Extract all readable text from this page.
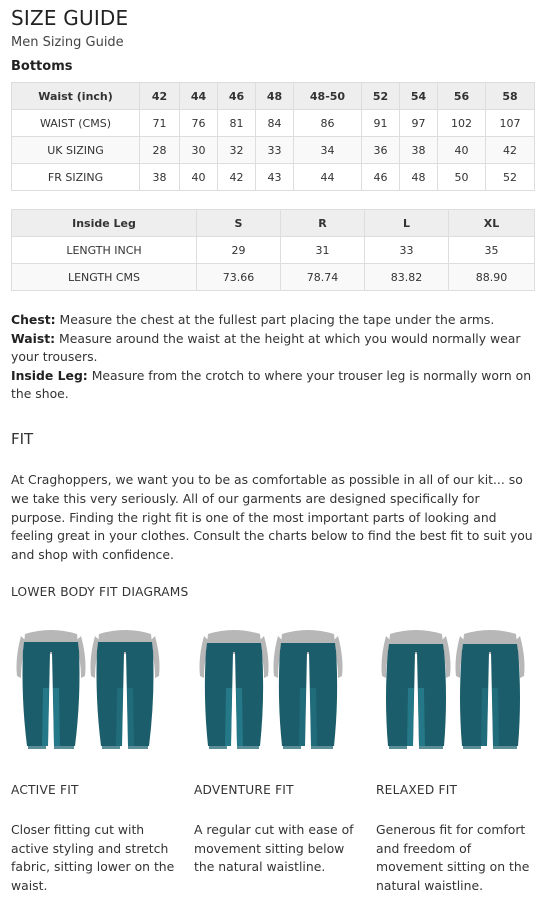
SIZE GUIDE
Men Sizing Guide
Bottoms
Waist (inch)	42	44	46	48	48-50	52	54	56	58
WAIST (CMS)	71	76	81	84	86	91	97	102	107
UK SIZING	28	30	32	33	34	36	38	40	42
FR SIZING	38	40	42	43	44	46	48	50	52
Inside Leg	S	R	L	XL
LENGTH INCH	29	31	33	35
LENGTH CMS	73.66	78.74	83.82	88.90

Chest: Measure the chest at the fullest part placing the tape under the arms.

Waist: Measure around the waist at the height at which you would normally wear your trousers.

Inside Leg: Measure from the crotch to where your trouser leg is normally worn on the shoe.

FIT

At Craghoppers, we want you to be as comfortable as possible in all of our kit... so we take this very seriously. All of our garments are designed specifically for purpose. Finding the right fit is one of the most important parts of looking and feeling great in your clothes. Consult the charts below to find the best fit to suit you and shop with confidence.

LOWER BODY FIT DIAGRAMS
ACTIVE FIT

Closer fitting cut with active styling and stretch fabric, sitting lower on the waist.

ADVENTURE FIT

A regular cut with ease of movement sitting below the natural waistline.

RELAXED FIT

Generous fit for comfort and freedom of movement sitting on the natural waistline.
